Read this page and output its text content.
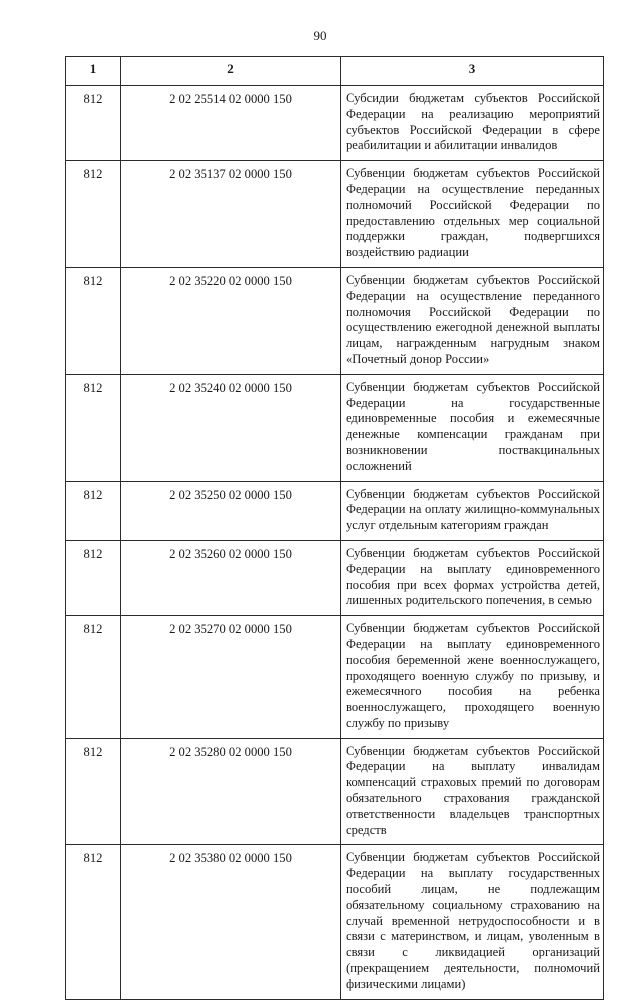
90
1	2	3
812	2 02 25514 02 0000 150	Субсидии бюджетам субъектов Российской Федерации на реализацию мероприятий субъектов Российской Федерации в сфере реабилитации и абилитации инвалидов
812	2 02 35137 02 0000 150	Субвенции бюджетам субъектов Российской Федерации на осуществление переданных полномочий Российской Федерации по предоставлению отдельных мер социальной поддержки граждан, подвергшихся воздействию радиации
812	2 02 35220 02 0000 150	Субвенции бюджетам субъектов Российской Федерации на осуществление переданного полномочия Российской Федерации по осуществлению ежегодной денежной выплаты лицам, награжденным нагрудным знаком «Почетный донор России»
812	2 02 35240 02 0000 150	Субвенции бюджетам субъектов Российской Федерации на государственные единовременные пособия и ежемесячные денежные компенсации гражданам при возникновении поствакцинальных осложнений
812	2 02 35250 02 0000 150	Субвенции бюджетам субъектов Российской Федерации на оплату жилищно-коммунальных услуг отдельным категориям граждан
812	2 02 35260 02 0000 150	Субвенции бюджетам субъектов Российской Федерации на выплату единовременного пособия при всех формах устройства детей, лишенных родительского попечения, в семью
812	2 02 35270 02 0000 150	Субвенции бюджетам субъектов Российской Федерации на выплату единовременного пособия беременной жене военнослужащего, проходящего военную службу по призыву, и ежемесячного пособия на ребенка военнослужащего, проходящего военную службу по призыву
812	2 02 35280 02 0000 150	Субвенции бюджетам субъектов Российской Федерации на выплату инвалидам компенсаций страховых премий по договорам обязательного страхования гражданской ответственности владельцев транспортных средств
812	2 02 35380 02 0000 150	Субвенции бюджетам субъектов Российской Федерации на выплату государственных пособий лицам, не подлежащим обязательному социальному страхованию на случай временной нетрудоспособности и в связи с материнством, и лицам, уволенным в связи с ликвидацией организаций (прекращением деятельности, полномочий физическими лицами)
